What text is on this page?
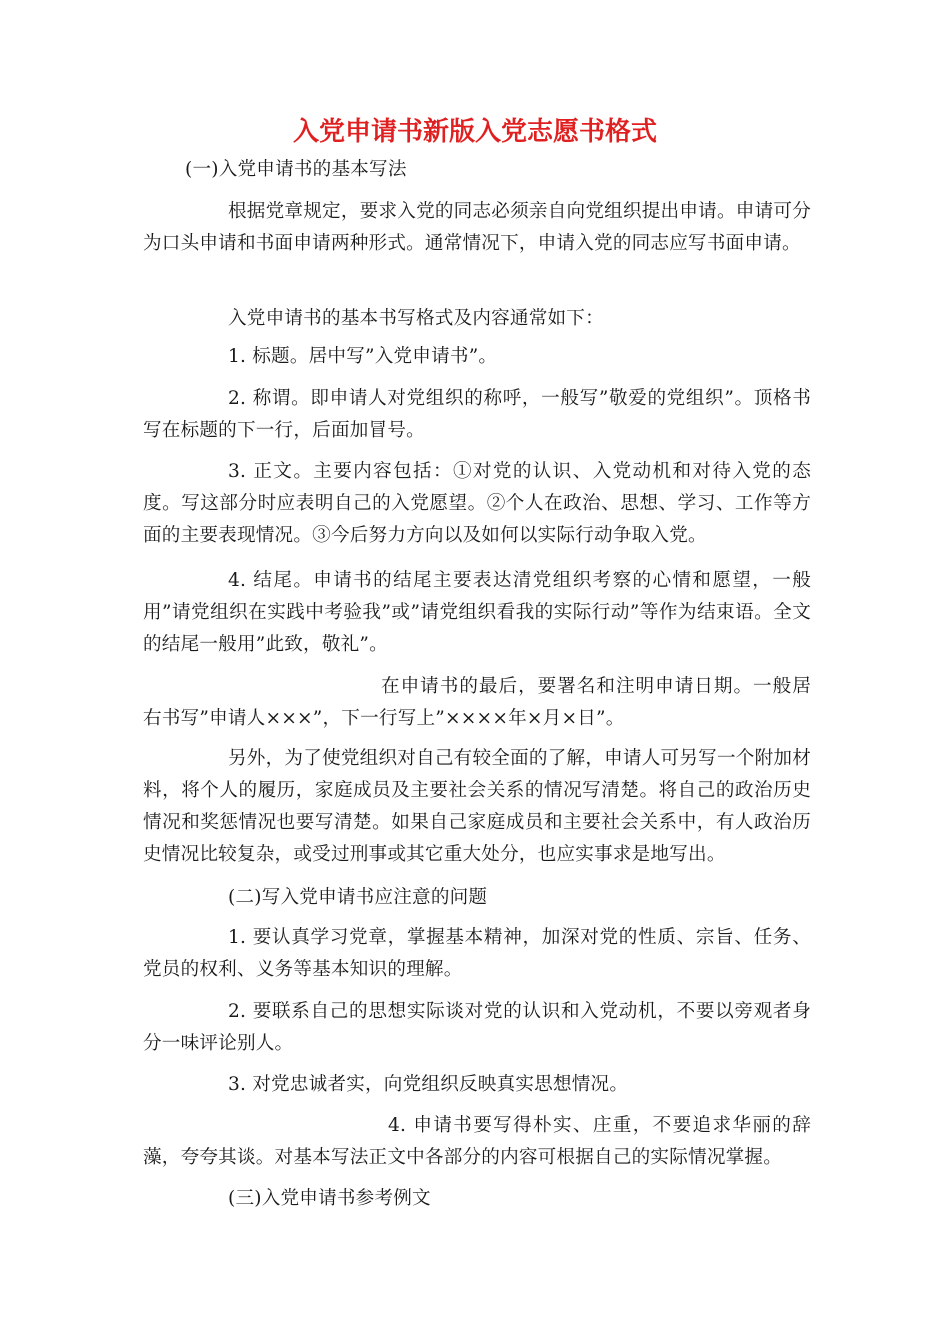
入党申请书新版入党志愿书格式

(一)入党申请书的基本写法

根据党章规定，要求入党的同志必须亲自向党组织提出申请。申请可分为口头申请和书面申请两种形式。通常情况下，申请入党的同志应写书面申请。

入党申请书的基本书写格式及内容通常如下：

1. 标题。居中写”入党申请书”。

2. 称谓。即申请人对党组织的称呼，一般写”敬爱的党组织”。顶格书写在标题的下一行，后面加冒号。

3. 正文。主要内容包括：①对党的认识、入党动机和对待入党的态度。写这部分时应表明自己的入党愿望。②个人在政治、思想、学习、工作等方面的主要表现情况。③今后努力方向以及如何以实际行动争取入党。

4. 结尾。申请书的结尾主要表达清党组织考察的心情和愿望，一般用”请党组织在实践中考验我”或”请党组织看我的实际行动”等作为结束语。全文的结尾一般用”此致，敬礼”。

在申请书的最后，要署名和注明申请日期。一般居右书写”申请人×××”，下一行写上”××××年×月×日”。

另外，为了使党组织对自己有较全面的了解，申请人可另写一个附加材料，将个人的履历，家庭成员及主要社会关系的情况写清楚。将自己的政治历史情况和奖惩情况也要写清楚。如果自己家庭成员和主要社会关系中，有人政治历史情况比较复杂，或受过刑事或其它重大处分，也应实事求是地写出。

(二)写入党申请书应注意的问题

1. 要认真学习党章，掌握基本精神，加深对党的性质、宗旨、任务、党员的权利、义务等基本知识的理解。

2. 要联系自己的思想实际谈对党的认识和入党动机，不要以旁观者身分一味评论别人。

3. 对党忠诚者实，向党组织反映真实思想情况。

4. 申请书要写得朴实、庄重，不要追求华丽的辞藻，夸夸其谈。对基本写法正文中各部分的内容可根据自己的实际情况掌握。

(三)入党申请书参考例文
